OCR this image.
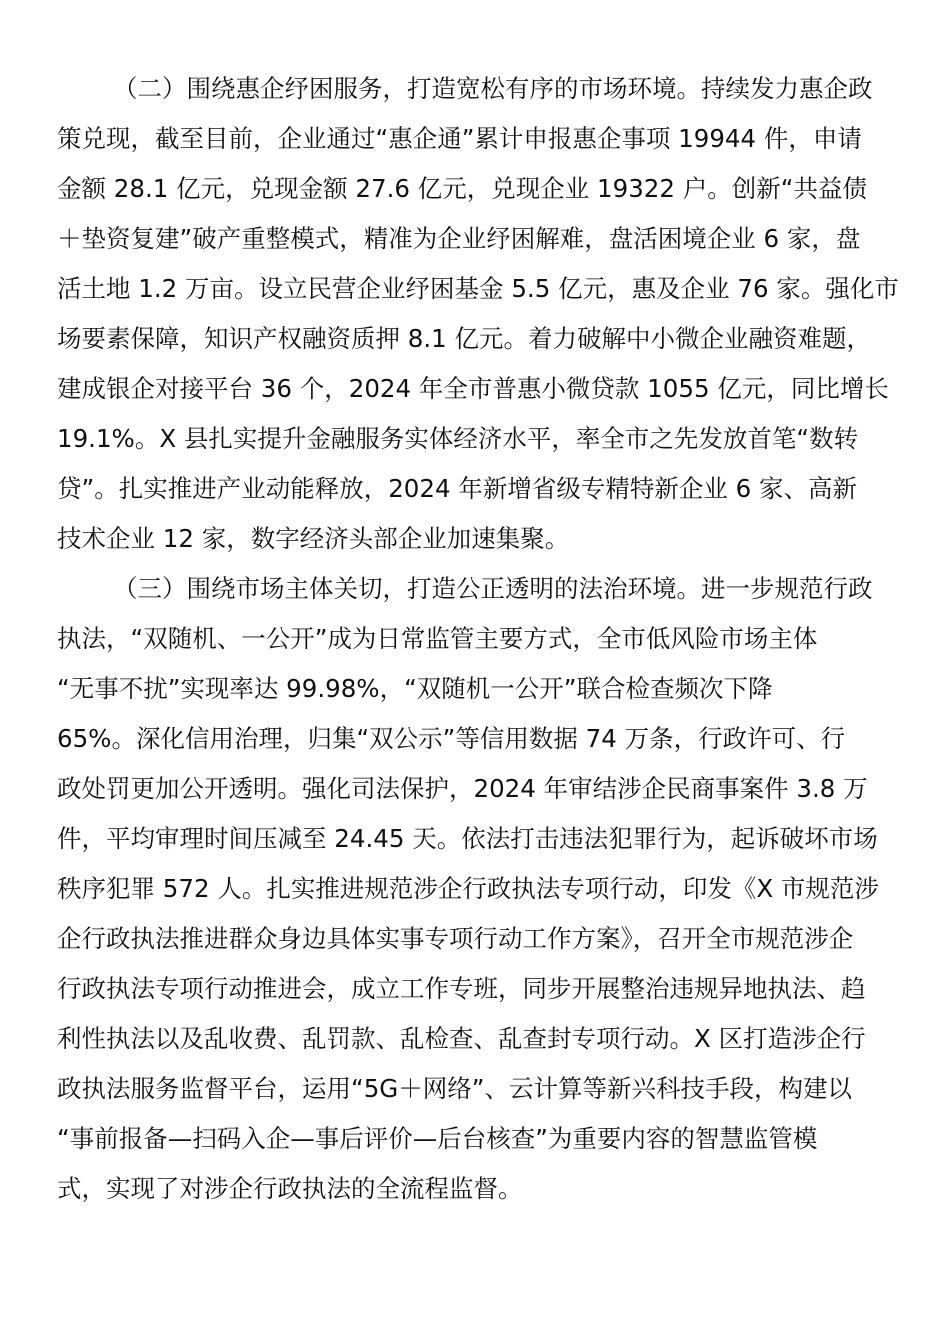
（二）围绕惠企纾困服务，打造宽松有序的市场环境。持续发力惠企政
策兑现，截至目前，企业通过“惠企通”累计申报惠企事项 19944 件，申请
金额 28.1 亿元，兑现金额 27.6 亿元，兑现企业 19322 户。创新“共益债
＋垫资复建”破产重整模式，精准为企业纾困解难，盘活困境企业 6 家，盘
活土地 1.2 万亩。设立民营企业纾困基金 5.5 亿元，惠及企业 76 家。强化市
场要素保障，知识产权融资质押 8.1 亿元。着力破解中小微企业融资难题，
建成银企对接平台 36 个，2024 年全市普惠小微贷款 1055 亿元，同比增长
19.1%。X 县扎实提升金融服务实体经济水平，率全市之先发放首笔“数转
贷”。扎实推进产业动能释放，2024 年新增省级专精特新企业 6 家、高新
技术企业 12 家，数字经济头部企业加速集聚。
（三）围绕市场主体关切，打造公正透明的法治环境。进一步规范行政
执法，“双随机、一公开”成为日常监管主要方式，全市低风险市场主体
“无事不扰”实现率达 99.98%，“双随机一公开”联合检查频次下降
65%。深化信用治理，归集“双公示”等信用数据 74 万条，行政许可、行
政处罚更加公开透明。强化司法保护，2024 年审结涉企民商事案件 3.8 万
件，平均审理时间压减至 24.45 天。依法打击违法犯罪行为，起诉破坏市场
秩序犯罪 572 人。扎实推进规范涉企行政执法专项行动，印发《X 市规范涉
企行政执法推进群众身边具体实事专项行动工作方案》，召开全市规范涉企
行政执法专项行动推进会，成立工作专班，同步开展整治违规异地执法、趋
利性执法以及乱收费、乱罚款、乱检查、乱查封专项行动。X 区打造涉企行
政执法服务监督平台，运用“5G＋网络”、云计算等新兴科技手段，构建以
“事前报备—扫码入企—事后评价—后台核查”为重要内容的智慧监管模
式，实现了对涉企行政执法的全流程监督。
